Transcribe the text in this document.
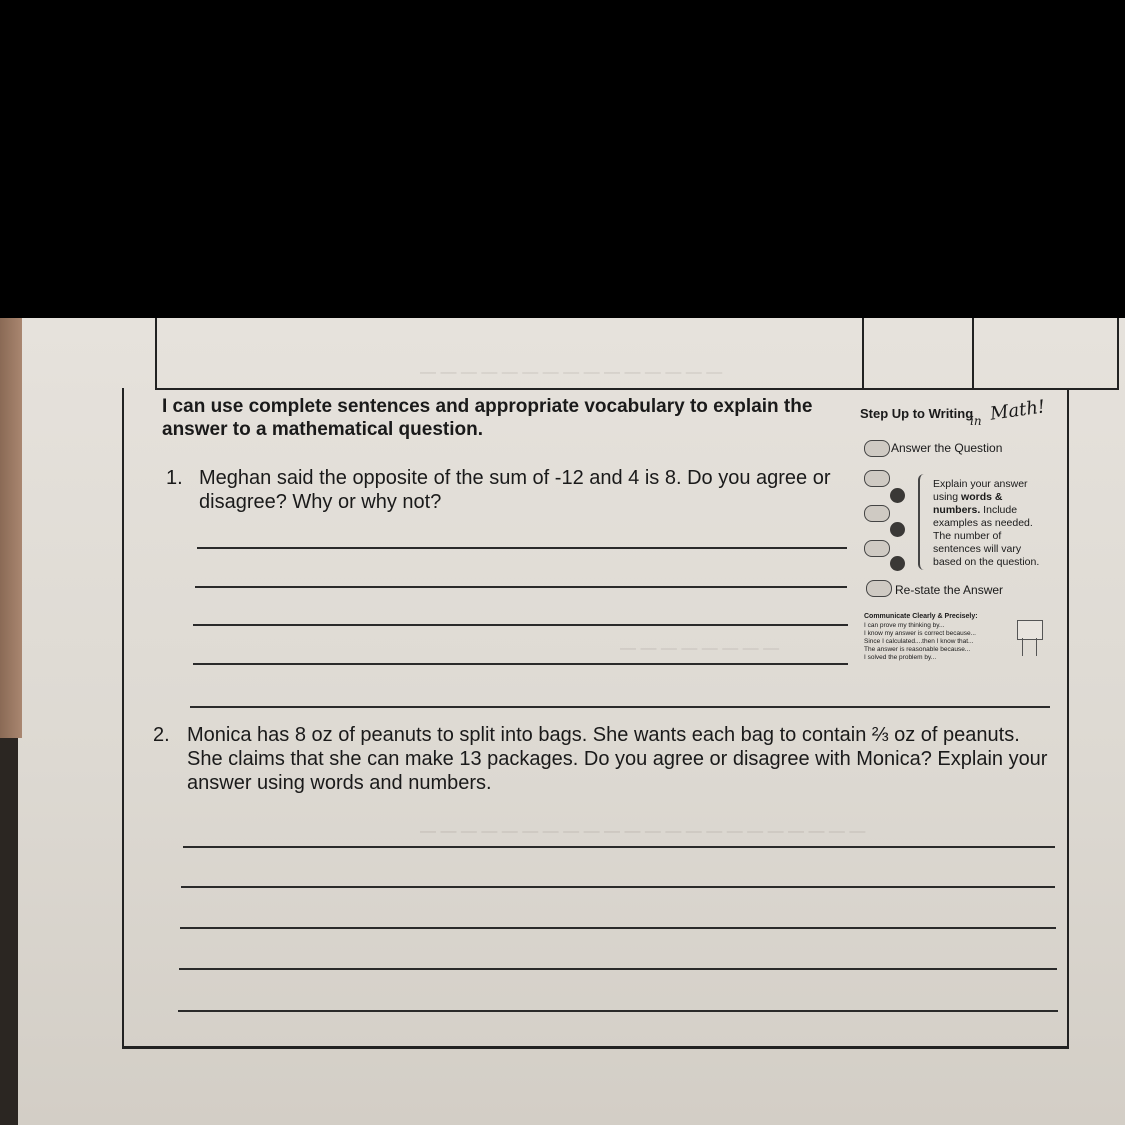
— — — — — — — — — — — — — — —
— — — — — — — —
— — — — — — — — — — — — — — — — — — — — — —
I can use complete sentences and appropriate vocabulary to explain the answer to a mathematical question.
1. Meghan said the opposite of the sum of -12 and 4 is 8. Do you agree or disagree? Why or why not?
2. Monica has 8 oz of peanuts to split into bags. She wants each bag to contain ⅔ oz of peanuts. She claims that she can make 13 packages. Do you agree or disagree with Monica? Explain your answer using words and numbers.
Step Up to Writing
in Math!
Answer the Question
Explain your answer using words & numbers. Include examples as needed. The number of sentences will vary based on the question.
Re-state the Answer
Communicate Clearly & Precisely:
I can prove my thinking by...
I know my answer is correct because...
Since I calculated....then I know that...
The answer is reasonable because...
I solved the problem by...
